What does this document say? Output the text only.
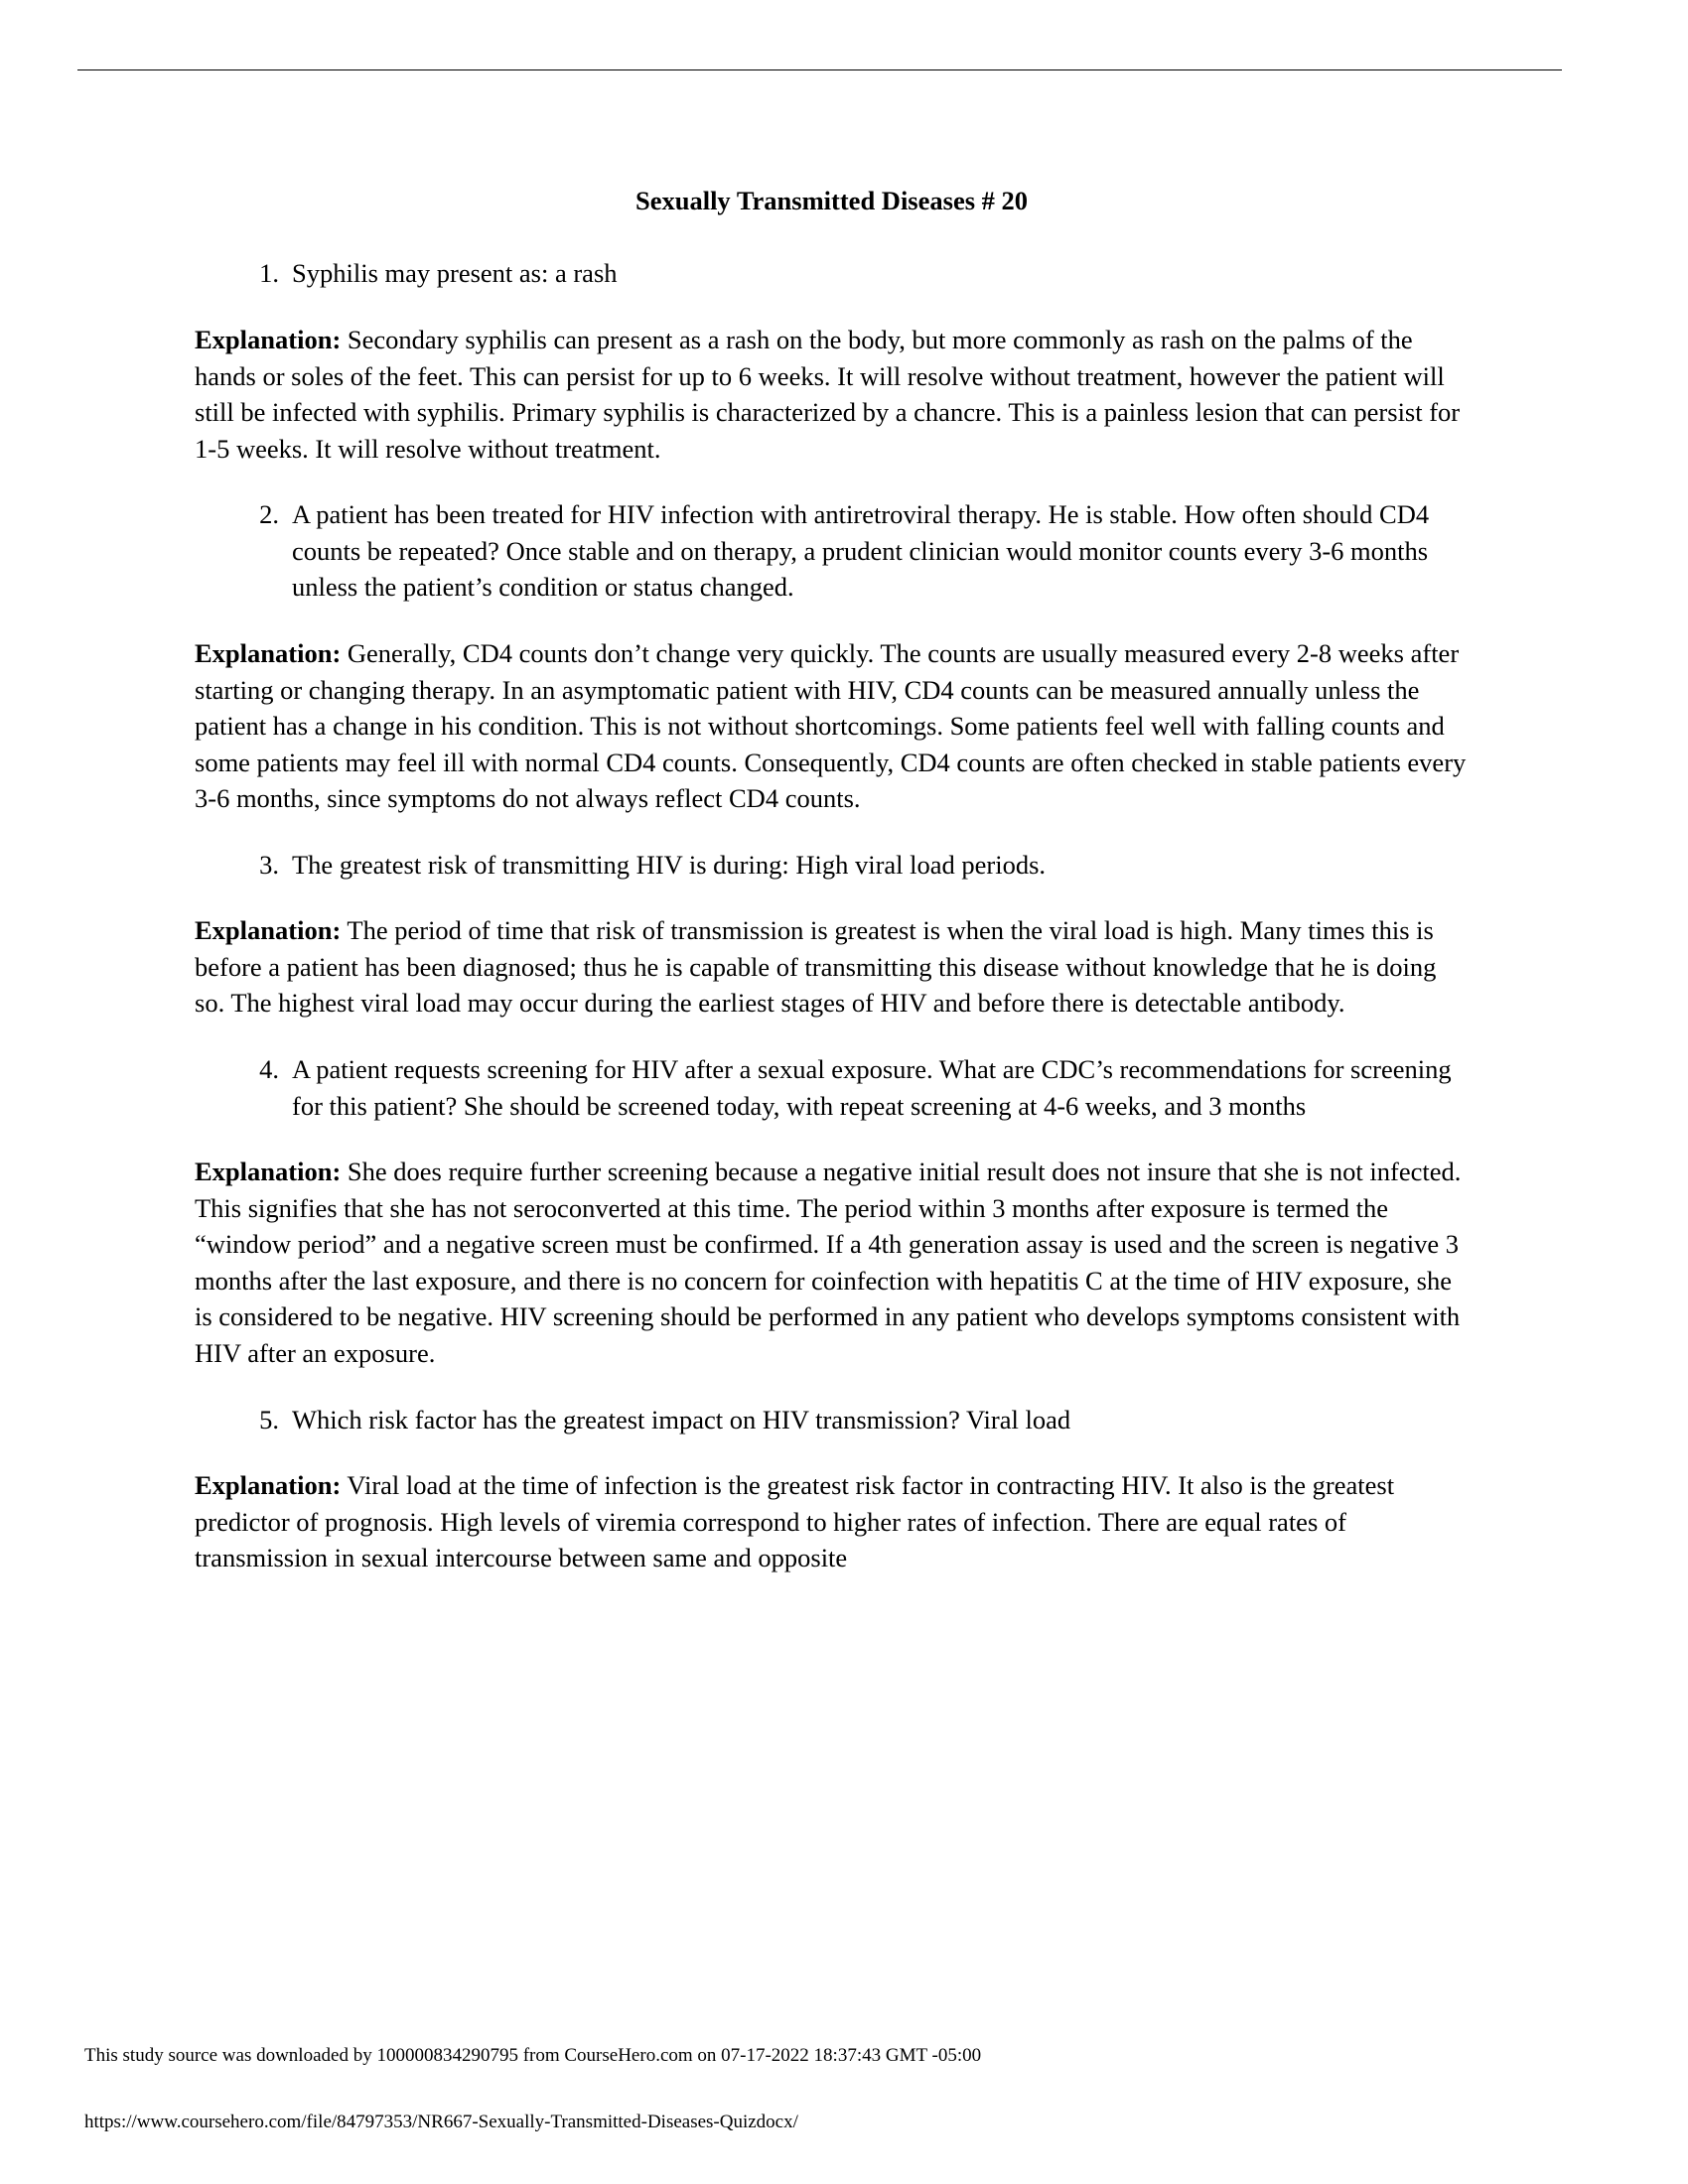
Sexually Transmitted Diseases # 20
1. Syphilis may present as: a rash

Explanation: Secondary syphilis can present as a rash on the body, but more commonly as rash on the palms of the hands or soles of the feet. This can persist for up to 6 weeks. It will resolve without treatment, however the patient will still be infected with syphilis. Primary syphilis is characterized by a chancre. This is a painless lesion that can persist for 1-5 weeks. It will resolve without treatment.

2. A patient has been treated for HIV infection with antiretroviral therapy. He is stable. How often should CD4 counts be repeated? Once stable and on therapy, a prudent clinician would monitor counts every 3-6 months unless the patient’s condition or status changed.

Explanation: Generally, CD4 counts don’t change very quickly. The counts are usually measured every 2-8 weeks after starting or changing therapy. In an asymptomatic patient with HIV, CD4 counts can be measured annually unless the patient has a change in his condition. This is not without shortcomings. Some patients feel well with falling counts and some patients may feel ill with normal CD4 counts. Consequently, CD4 counts are often checked in stable patients every 3-6 months, since symptoms do not always reflect CD4 counts.

3. The greatest risk of transmitting HIV is during: High viral load periods.

Explanation: The period of time that risk of transmission is greatest is when the viral load is high. Many times this is before a patient has been diagnosed; thus he is capable of transmitting this disease without knowledge that he is doing so. The highest viral load may occur during the earliest stages of HIV and before there is detectable antibody.

4. A patient requests screening for HIV after a sexual exposure. What are CDC’s recommendations for screening for this patient? She should be screened today, with repeat screening at 4-6 weeks, and 3 months

Explanation: She does require further screening because a negative initial result does not insure that she is not infected. This signifies that she has not seroconverted at this time. The period within 3 months after exposure is termed the “window period” and a negative screen must be confirmed. If a 4th generation assay is used and the screen is negative 3 months after the last exposure, and there is no concern for coinfection with hepatitis C at the time of HIV exposure, she is considered to be negative. HIV screening should be performed in any patient who develops symptoms consistent with HIV after an exposure.

5. Which risk factor has the greatest impact on HIV transmission? Viral load

Explanation: Viral load at the time of infection is the greatest risk factor in contracting HIV. It also is the greatest predictor of prognosis. High levels of viremia correspond to higher rates of infection. There are equal rates of transmission in sexual intercourse between same and opposite

This study source was downloaded by 100000834290795 from CourseHero.com on 07-17-2022 18:37:43 GMT -05:00
https://www.coursehero.com/file/84797353/NR667-Sexually-Transmitted-Diseases-Quizdocx/
